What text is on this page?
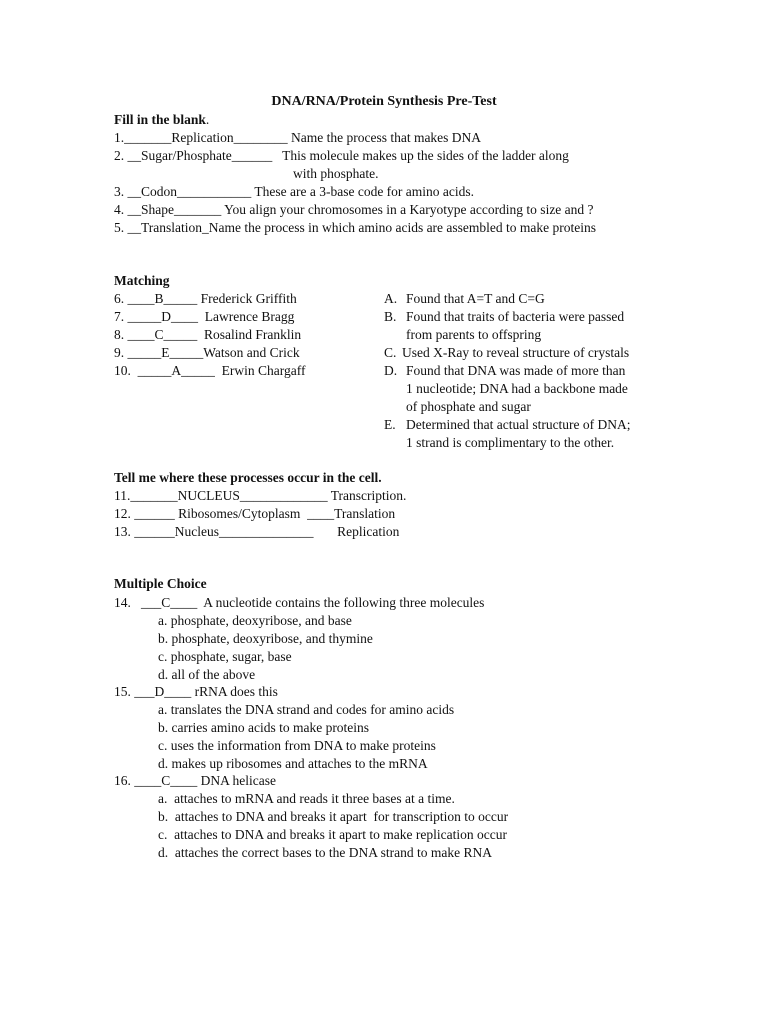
DNA/RNA/Protein Synthesis Pre-Test
Fill in the blank.
1._______Replication________ Name the process that makes DNA
2. __Sugar/Phosphate______   This molecule makes up the sides of the ladder along
with phosphate.
3. __Codon___________ These are a 3-base code for amino acids.
4. __Shape_______ You align your chromosomes in a Karyotype according to size and ?
5. __Translation_Name the process in which amino acids are assembled to make proteins
Matching
6. ____B_____ Frederick Griffith
7. _____D____  Lawrence Bragg
8. ____C_____  Rosalind Franklin
9. _____E_____Watson and Crick
10.  _____A_____  Erwin Chargaff
A. Found that A=T and C=G
B. Found that traits of bacteria were passed
from parents to offspring
C. Used X-Ray to reveal structure of crystals
D. Found that DNA was made of more than
1 nucleotide; DNA had a backbone made
of phosphate and sugar
E. Determined that actual structure of DNA;
1 strand is complimentary to the other.
Tell me where these processes occur in the cell.
11._______NUCLEUS_____________ Transcription.
12. ______ Ribosomes/Cytoplasm  ____Translation
13. ______Nucleus______________       Replication
Multiple Choice
14.   ___C____  A nucleotide contains the following three molecules
a. phosphate, deoxyribose, and base
b. phosphate, deoxyribose, and thymine
c. phosphate, sugar, base
d. all of the above
15. ___D____ rRNA does this
a. translates the DNA strand and codes for amino acids
b. carries amino acids to make proteins
c. uses the information from DNA to make proteins
d. makes up ribosomes and attaches to the mRNA
16. ____C____ DNA helicase
a.  attaches to mRNA and reads it three bases at a time.
b.  attaches to DNA and breaks it apart  for transcription to occur
c.  attaches to DNA and breaks it apart to make replication occur
d.  attaches the correct bases to the DNA strand to make RNA
